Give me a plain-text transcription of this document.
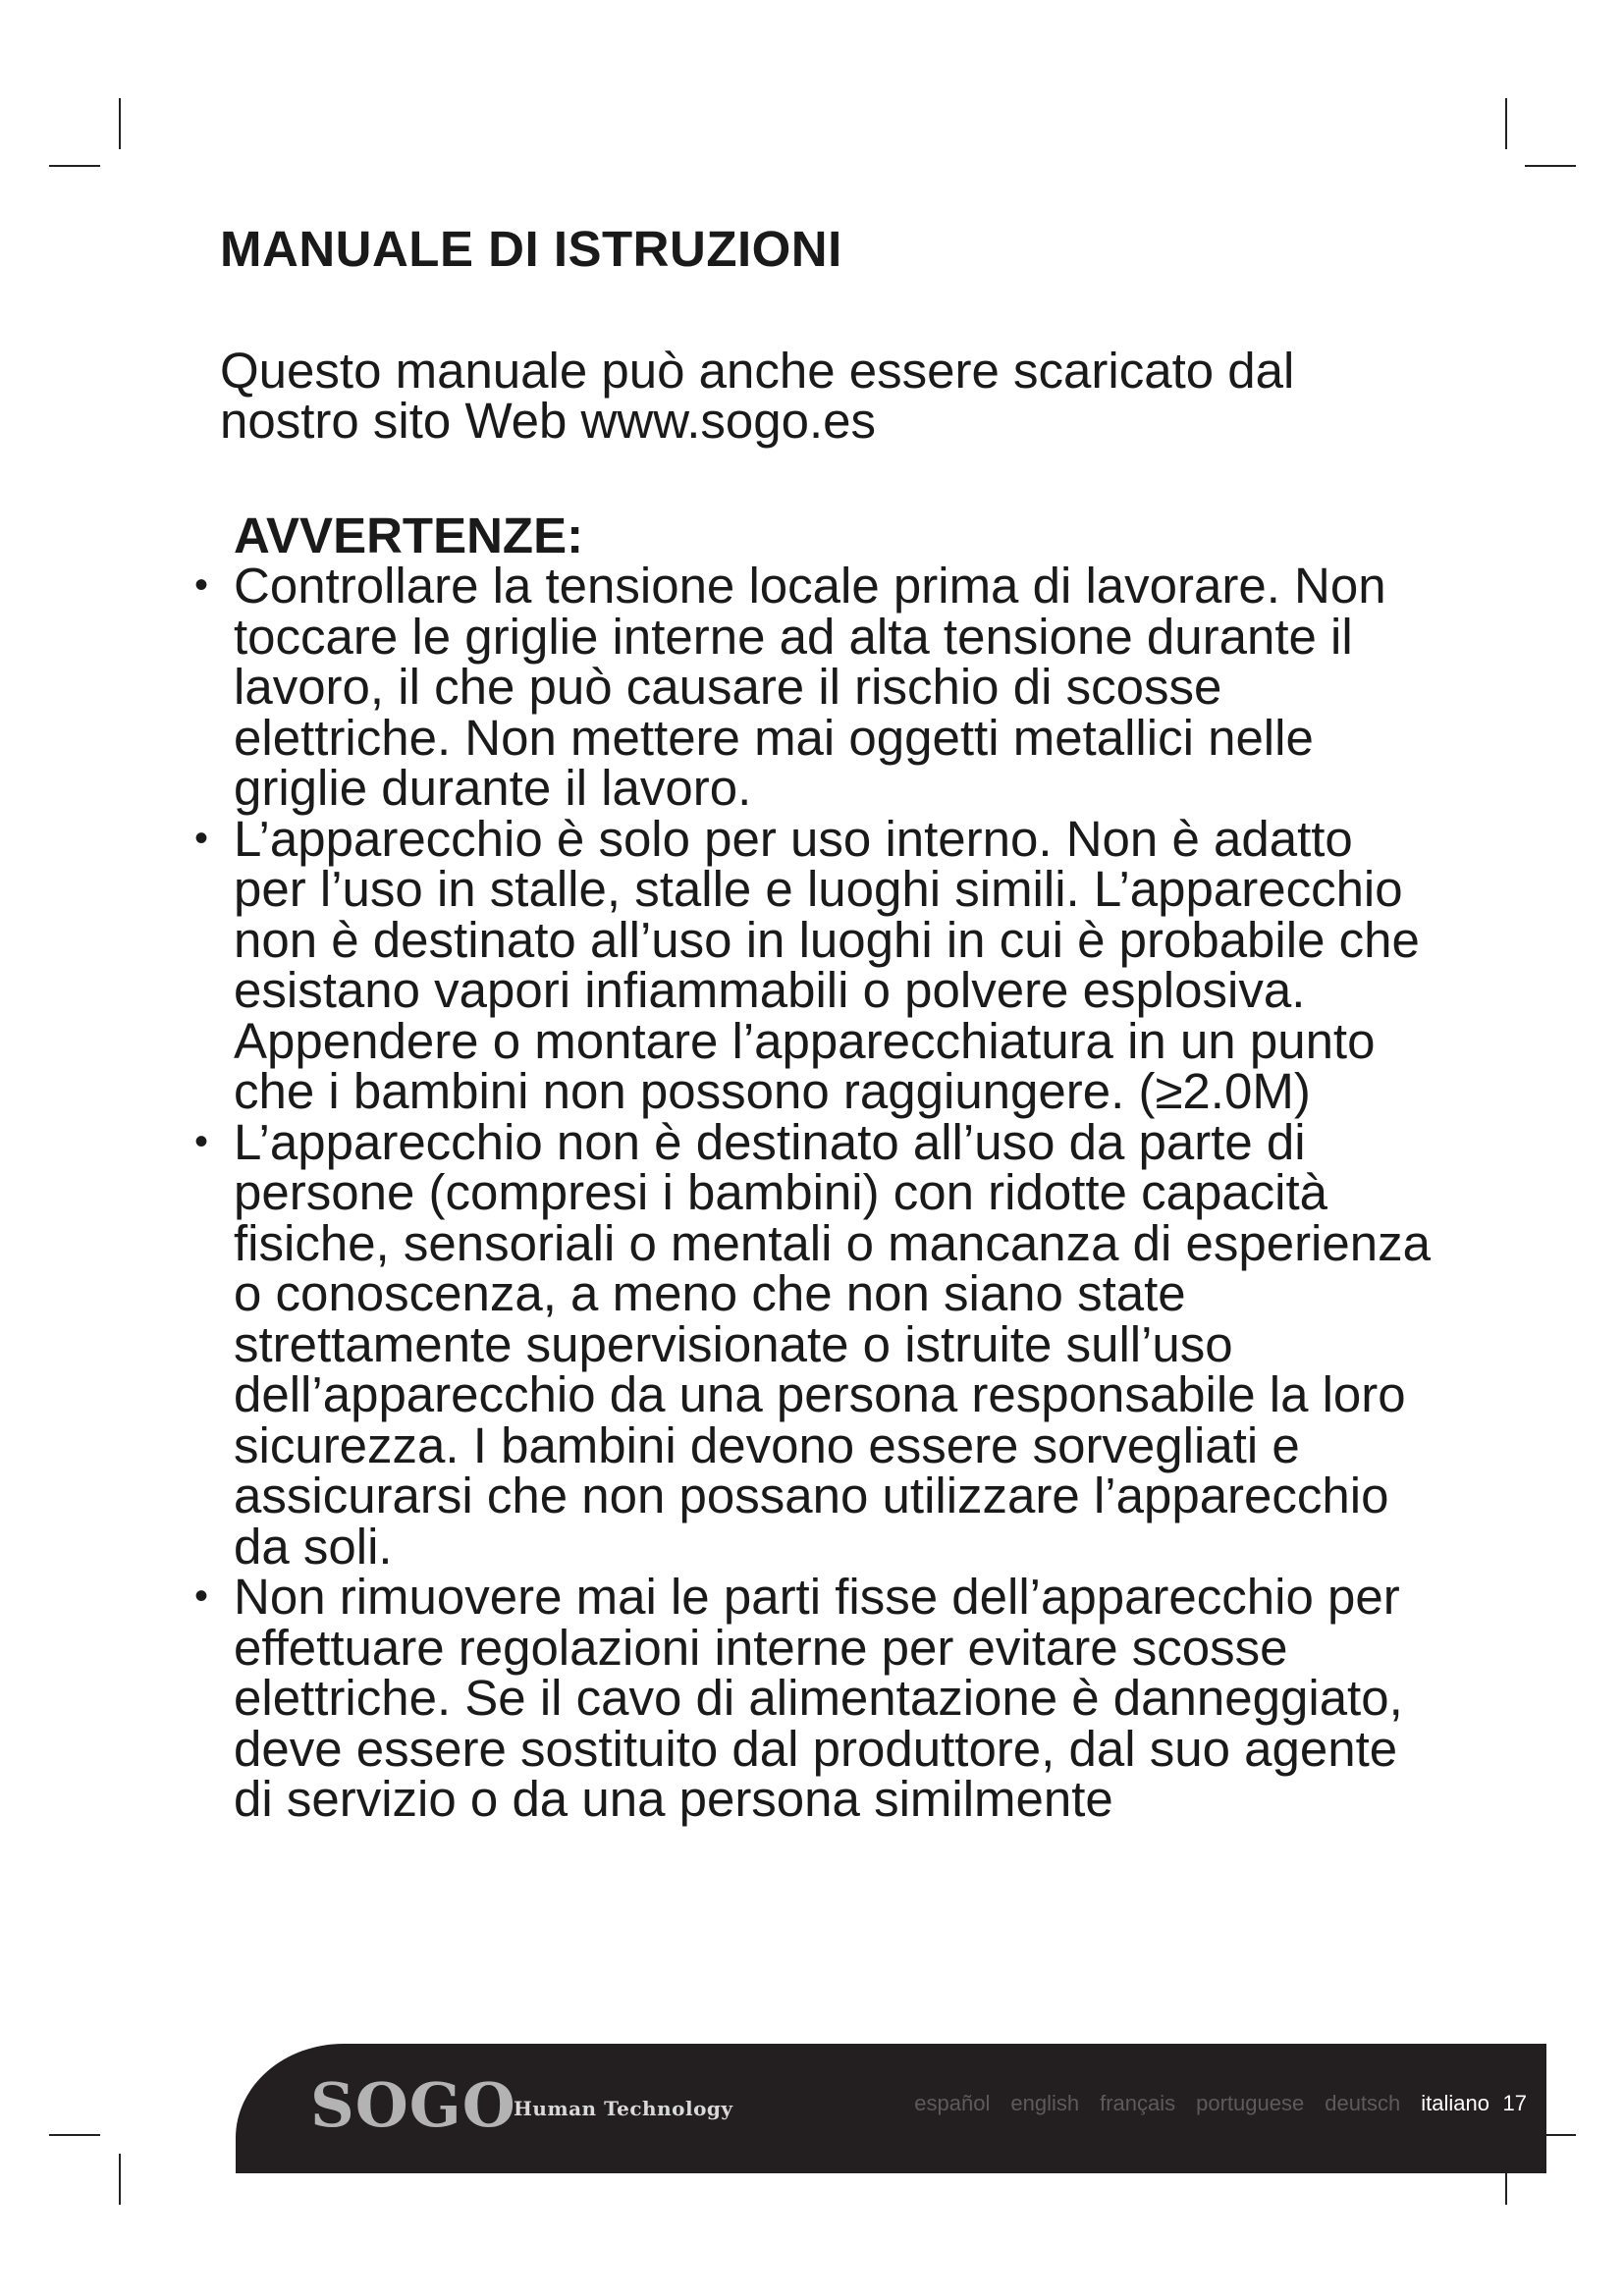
MANUALE DI ISTRUZIONI

Questo manuale può anche essere scaricato dal nostro sito Web www.sogo.es

AVVERTENZE:
• Controllare la tensione locale prima di lavorare. Non toccare le griglie interne ad alta tensione durante il lavoro, il che può causare il rischio di scosse elettriche. Non mettere mai oggetti metallici nelle griglie durante il lavoro.
• L’apparecchio è solo per uso interno. Non è adatto per l’uso in stalle, stalle e luoghi simili. L’apparecchio non è destinato all’uso in luoghi in cui è probabile che esistano vapori infiammabili o polvere esplosiva. Appendere o montare l’apparecchiatura in un punto che i bambini non possono raggiungere. (≥2.0M)
• L’apparecchio non è destinato all’uso da parte di persone (compresi i bambini) con ridotte capacità fisiche, sensoriali o mentali o mancanza di esperienza o conoscenza, a meno che non siano state strettamente supervisionate o istruite sull’uso dell’apparecchio da una persona responsabile la loro sicurezza. I bambini devono essere sorvegliati e assicurarsi che non possano utilizzare l’apparecchio da soli.
• Non rimuovere mai le parti fisse dell’apparecchio per effettuare regolazioni interne per evitare scosse elettriche. Se il cavo di alimentazione è danneggiato, deve essere sostituito dal produttore, dal suo agente di servizio o da una persona similmente
SOGO
Human Technology	español english français portuguese deutsch italiano 17
